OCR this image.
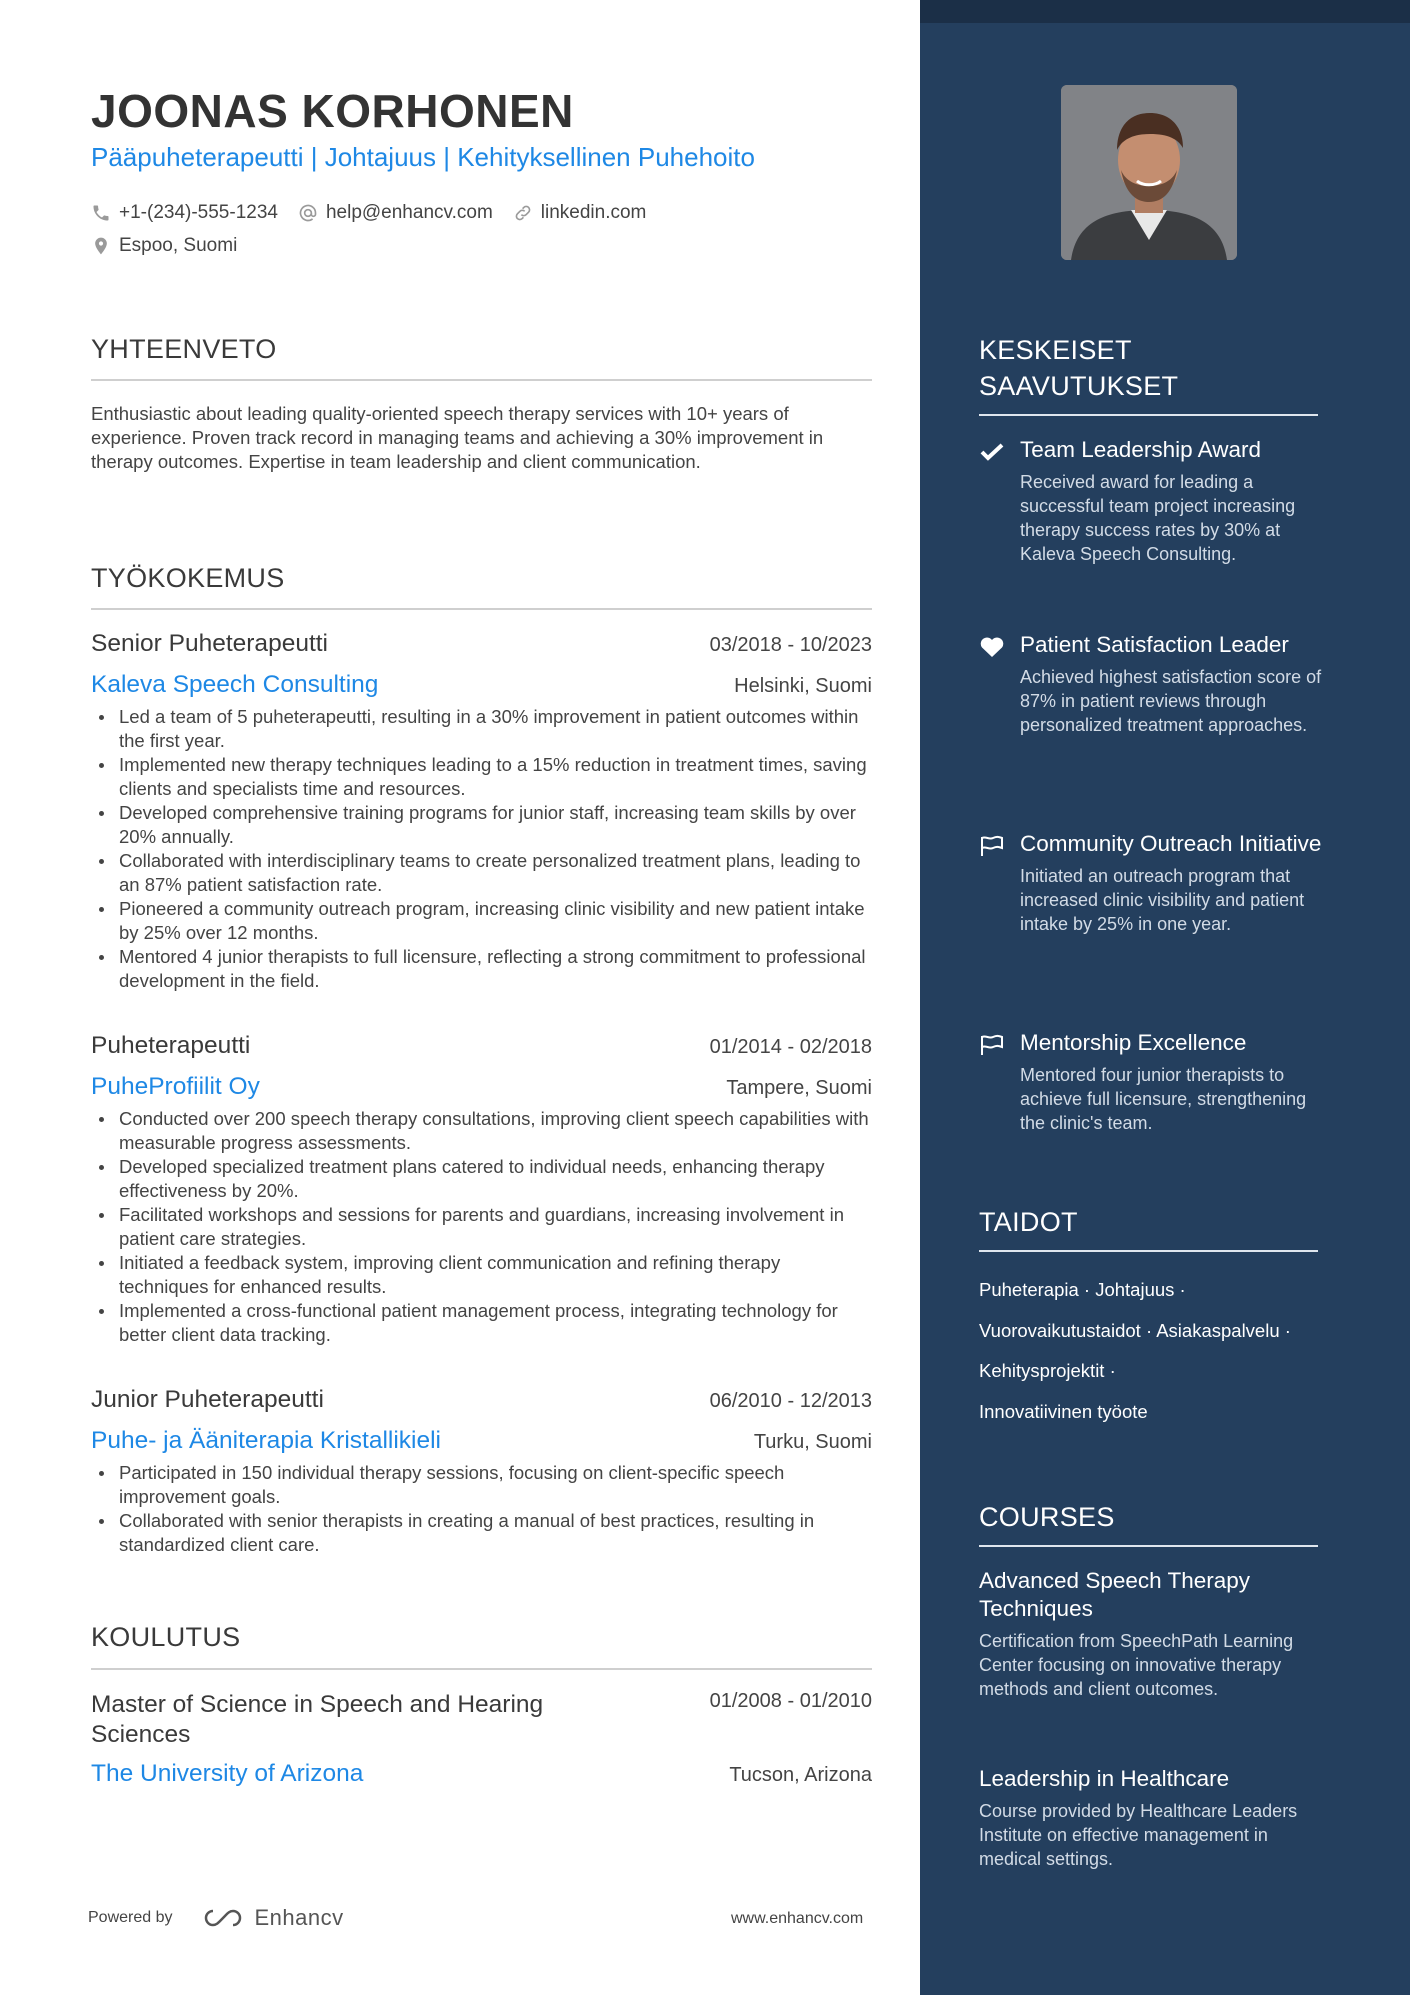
JOONAS KORHONEN
Pääpuheterapeutti | Johtajuus | Kehityksellinen Puhehoito
+1-(234)-555-1234	help@enhancv.com	linkedin.com
Espoo, Suomi
YHTEENVETO
Enthusiastic about leading quality-oriented speech therapy services with 10+ years of experience. Proven track record in managing teams and achieving a 30% improvement in therapy outcomes. Expertise in team leadership and client communication.
TYÖKOKEMUS
Senior Puheterapeutti	03/2018 - 10/2023
Kaleva Speech Consulting	Helsinki, Suomi
Led a team of 5 puheterapeutti, resulting in a 30% improvement in patient outcomes within the first year.
Implemented new therapy techniques leading to a 15% reduction in treatment times, saving clients and specialists time and resources.
Developed comprehensive training programs for junior staff, increasing team skills by over 20% annually.
Collaborated with interdisciplinary teams to create personalized treatment plans, leading to an 87% patient satisfaction rate.
Pioneered a community outreach program, increasing clinic visibility and new patient intake by 25% over 12 months.
Mentored 4 junior therapists to full licensure, reflecting a strong commitment to professional development in the field.
Puheterapeutti	01/2014 - 02/2018
PuheProfiilit Oy	Tampere, Suomi
Conducted over 200 speech therapy consultations, improving client speech capabilities with measurable progress assessments.
Developed specialized treatment plans catered to individual needs, enhancing therapy effectiveness by 20%.
Facilitated workshops and sessions for parents and guardians, increasing involvement in patient care strategies.
Initiated a feedback system, improving client communication and refining therapy techniques for enhanced results.
Implemented a cross-functional patient management process, integrating technology for better client data tracking.
Junior Puheterapeutti	06/2010 - 12/2013
Puhe- ja Ääniterapia Kristallikieli	Turku, Suomi
Participated in 150 individual therapy sessions, focusing on client-specific speech improvement goals.
Collaborated with senior therapists in creating a manual of best practices, resulting in standardized client care.
KOULUTUS
Master of Science in Speech and Hearing Sciences
01/2008 - 01/2010
The University of Arizona	Tucson, Arizona
Powered by	Enhancv	www.enhancv.com
KESKEISET
SAAVUTUKSET
Team Leadership Award
Received award for leading a successful team project increasing therapy success rates by 30% at Kaleva Speech Consulting.
Patient Satisfaction Leader
Achieved highest satisfaction score of 87% in patient reviews through personalized treatment approaches.
Community Outreach Initiative
Initiated an outreach program that increased clinic visibility and patient intake by 25% in one year.
Mentorship Excellence
Mentored four junior therapists to achieve full licensure, strengthening the clinic's team.
TAIDOT
Puheterapia · Johtajuus ·
Vuorovaikutustaidot · Asiakaspalvelu ·
Kehitysprojektit ·
Innovatiivinen työote
COURSES
Advanced Speech Therapy Techniques
Certification from SpeechPath Learning Center focusing on innovative therapy methods and client outcomes.
Leadership in Healthcare
Course provided by Healthcare Leaders Institute on effective management in medical settings.
